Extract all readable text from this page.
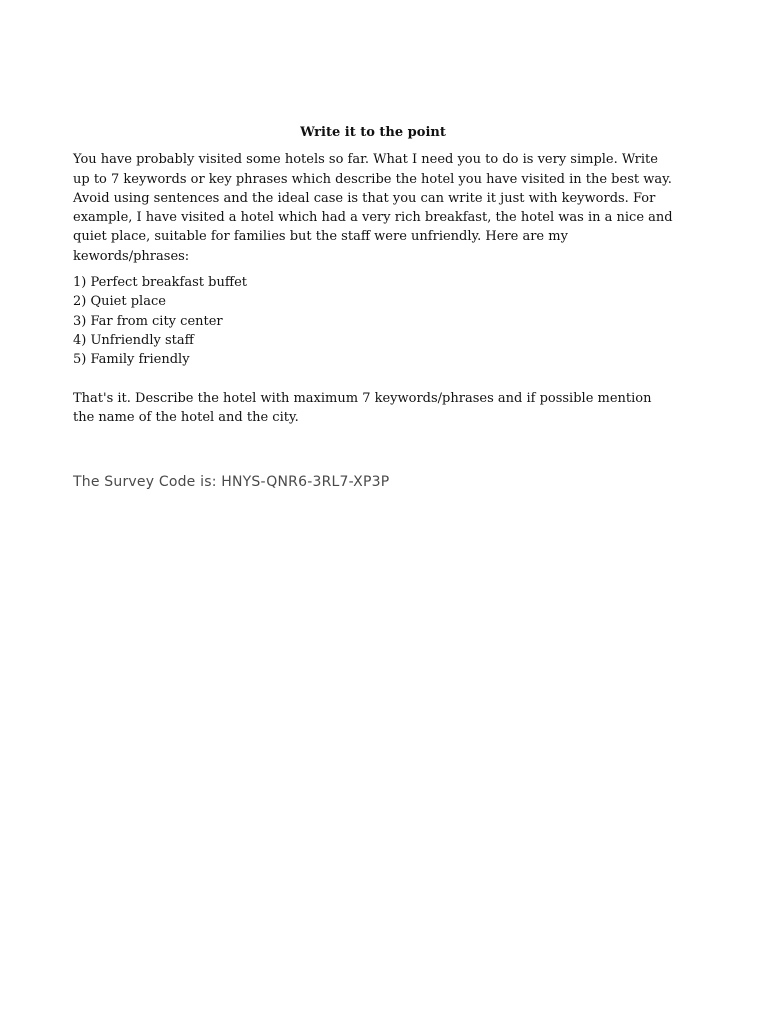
Write it to the point

You have probably visited some hotels so far. What I need you to do is very simple. Write up to 7 keywords or key phrases which describe the hotel you have visited in the best way. Avoid using sentences and the ideal case is that you can write it just with keywords. For example, I have visited a hotel which had a very rich breakfast, the hotel was in a nice and quiet place, suitable for families but the staff were unfriendly. Here are my kewords/phrases:

1) Perfect breakfast buffet
2) Quiet place
3) Far from city center
4) Unfriendly staff
5) Family friendly

That's it. Describe the hotel with maximum 7 keywords/phrases and if possible mention the name of the hotel and the city.

The Survey Code is: HNYS-QNR6-3RL7-XP3P
